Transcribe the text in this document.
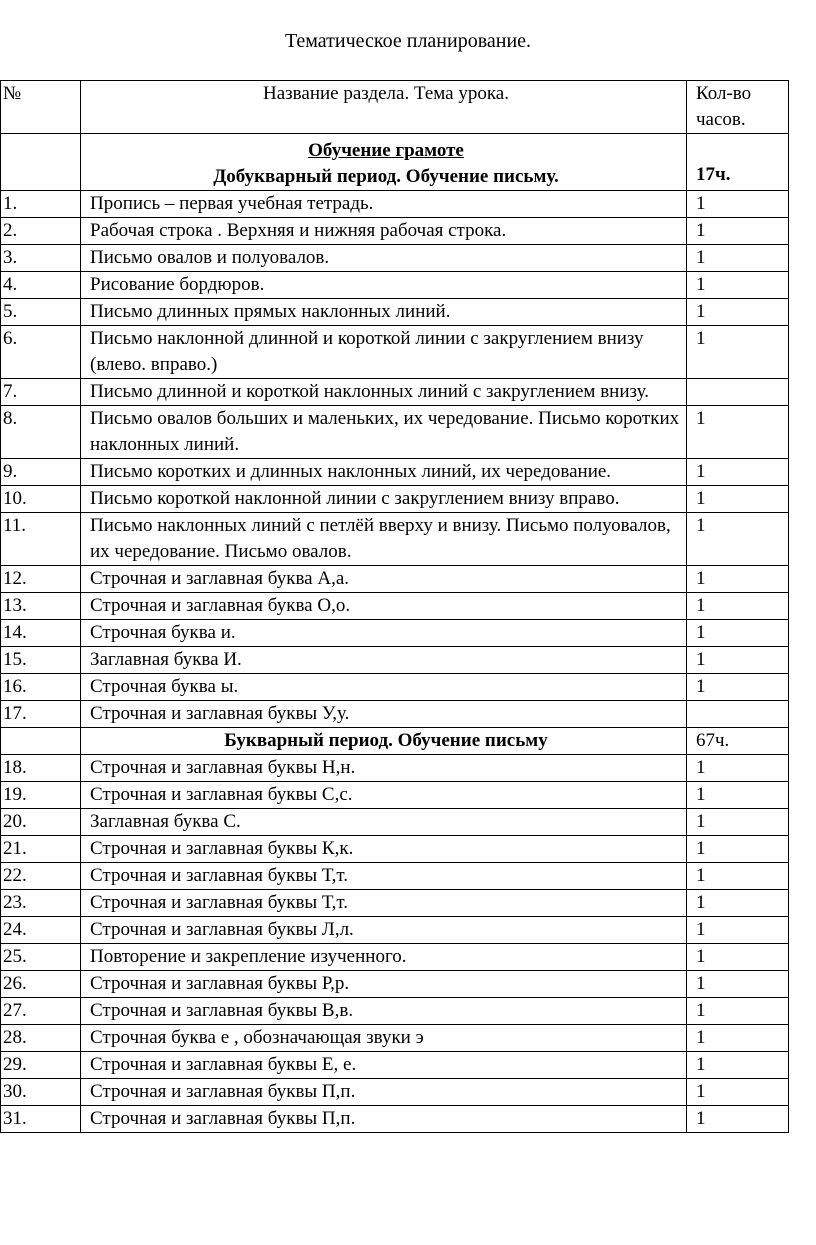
Тематическое планирование.
№	Название раздела. Тема урока.	Кол-во
часов.
	Обучение грамоте
Добукварный период. Обучение письму.	17ч.
1.	Пропись – первая учебная тетрадь.	1
2.	Рабочая строка . Верхняя и нижняя рабочая строка.	1
3.	Письмо овалов и полуовалов.	1
4.	Рисование бордюров.	1
5.	Письмо длинных прямых наклонных линий.	1
6.	Письмо наклонной длинной и короткой линии с закруглением внизу (влево. вправо.)	1
7.	Письмо длинной и короткой наклонных линий с закруглением внизу.	
8.	Письмо овалов больших и маленьких, их чередование. Письмо коротких наклонных линий.	1
9.	Письмо коротких и длинных наклонных линий, их чередование.	1
10.	Письмо короткой наклонной линии с закруглением внизу вправо.	1
11.	Письмо наклонных линий с петлёй вверху и внизу. Письмо полуовалов, их чередование. Письмо овалов.	1
12.	Строчная и заглавная буква А,а.	1
13.	Строчная и заглавная буква О,о.	1
14.	Строчная буква и.	1
15.	Заглавная буква И.	1
16.	Строчная буква ы.	1
17.	Строчная и заглавная буквы У,у.	
	Букварный период. Обучение письму	67ч.
18.	Строчная и заглавная буквы Н,н.	1
19.	Строчная и заглавная буквы С,с.	1
20.	Заглавная буква С.	1
21.	Строчная и заглавная буквы К,к.	1
22.	Строчная и заглавная буквы Т,т.	1
23.	Строчная и заглавная буквы Т,т.	1
24.	Строчная и заглавная буквы Л,л.	1
25.	Повторение и закрепление изученного.	1
26.	Строчная и заглавная буквы Р,р.	1
27.	Строчная и заглавная буквы В,в.	1
28.	Строчная буква е , обозначающая звуки э	1
29.	Строчная и заглавная буквы Е, е.	1
30.	Строчная и заглавная буквы П,п.	1
31.	Строчная и заглавная буквы П,п.	1
